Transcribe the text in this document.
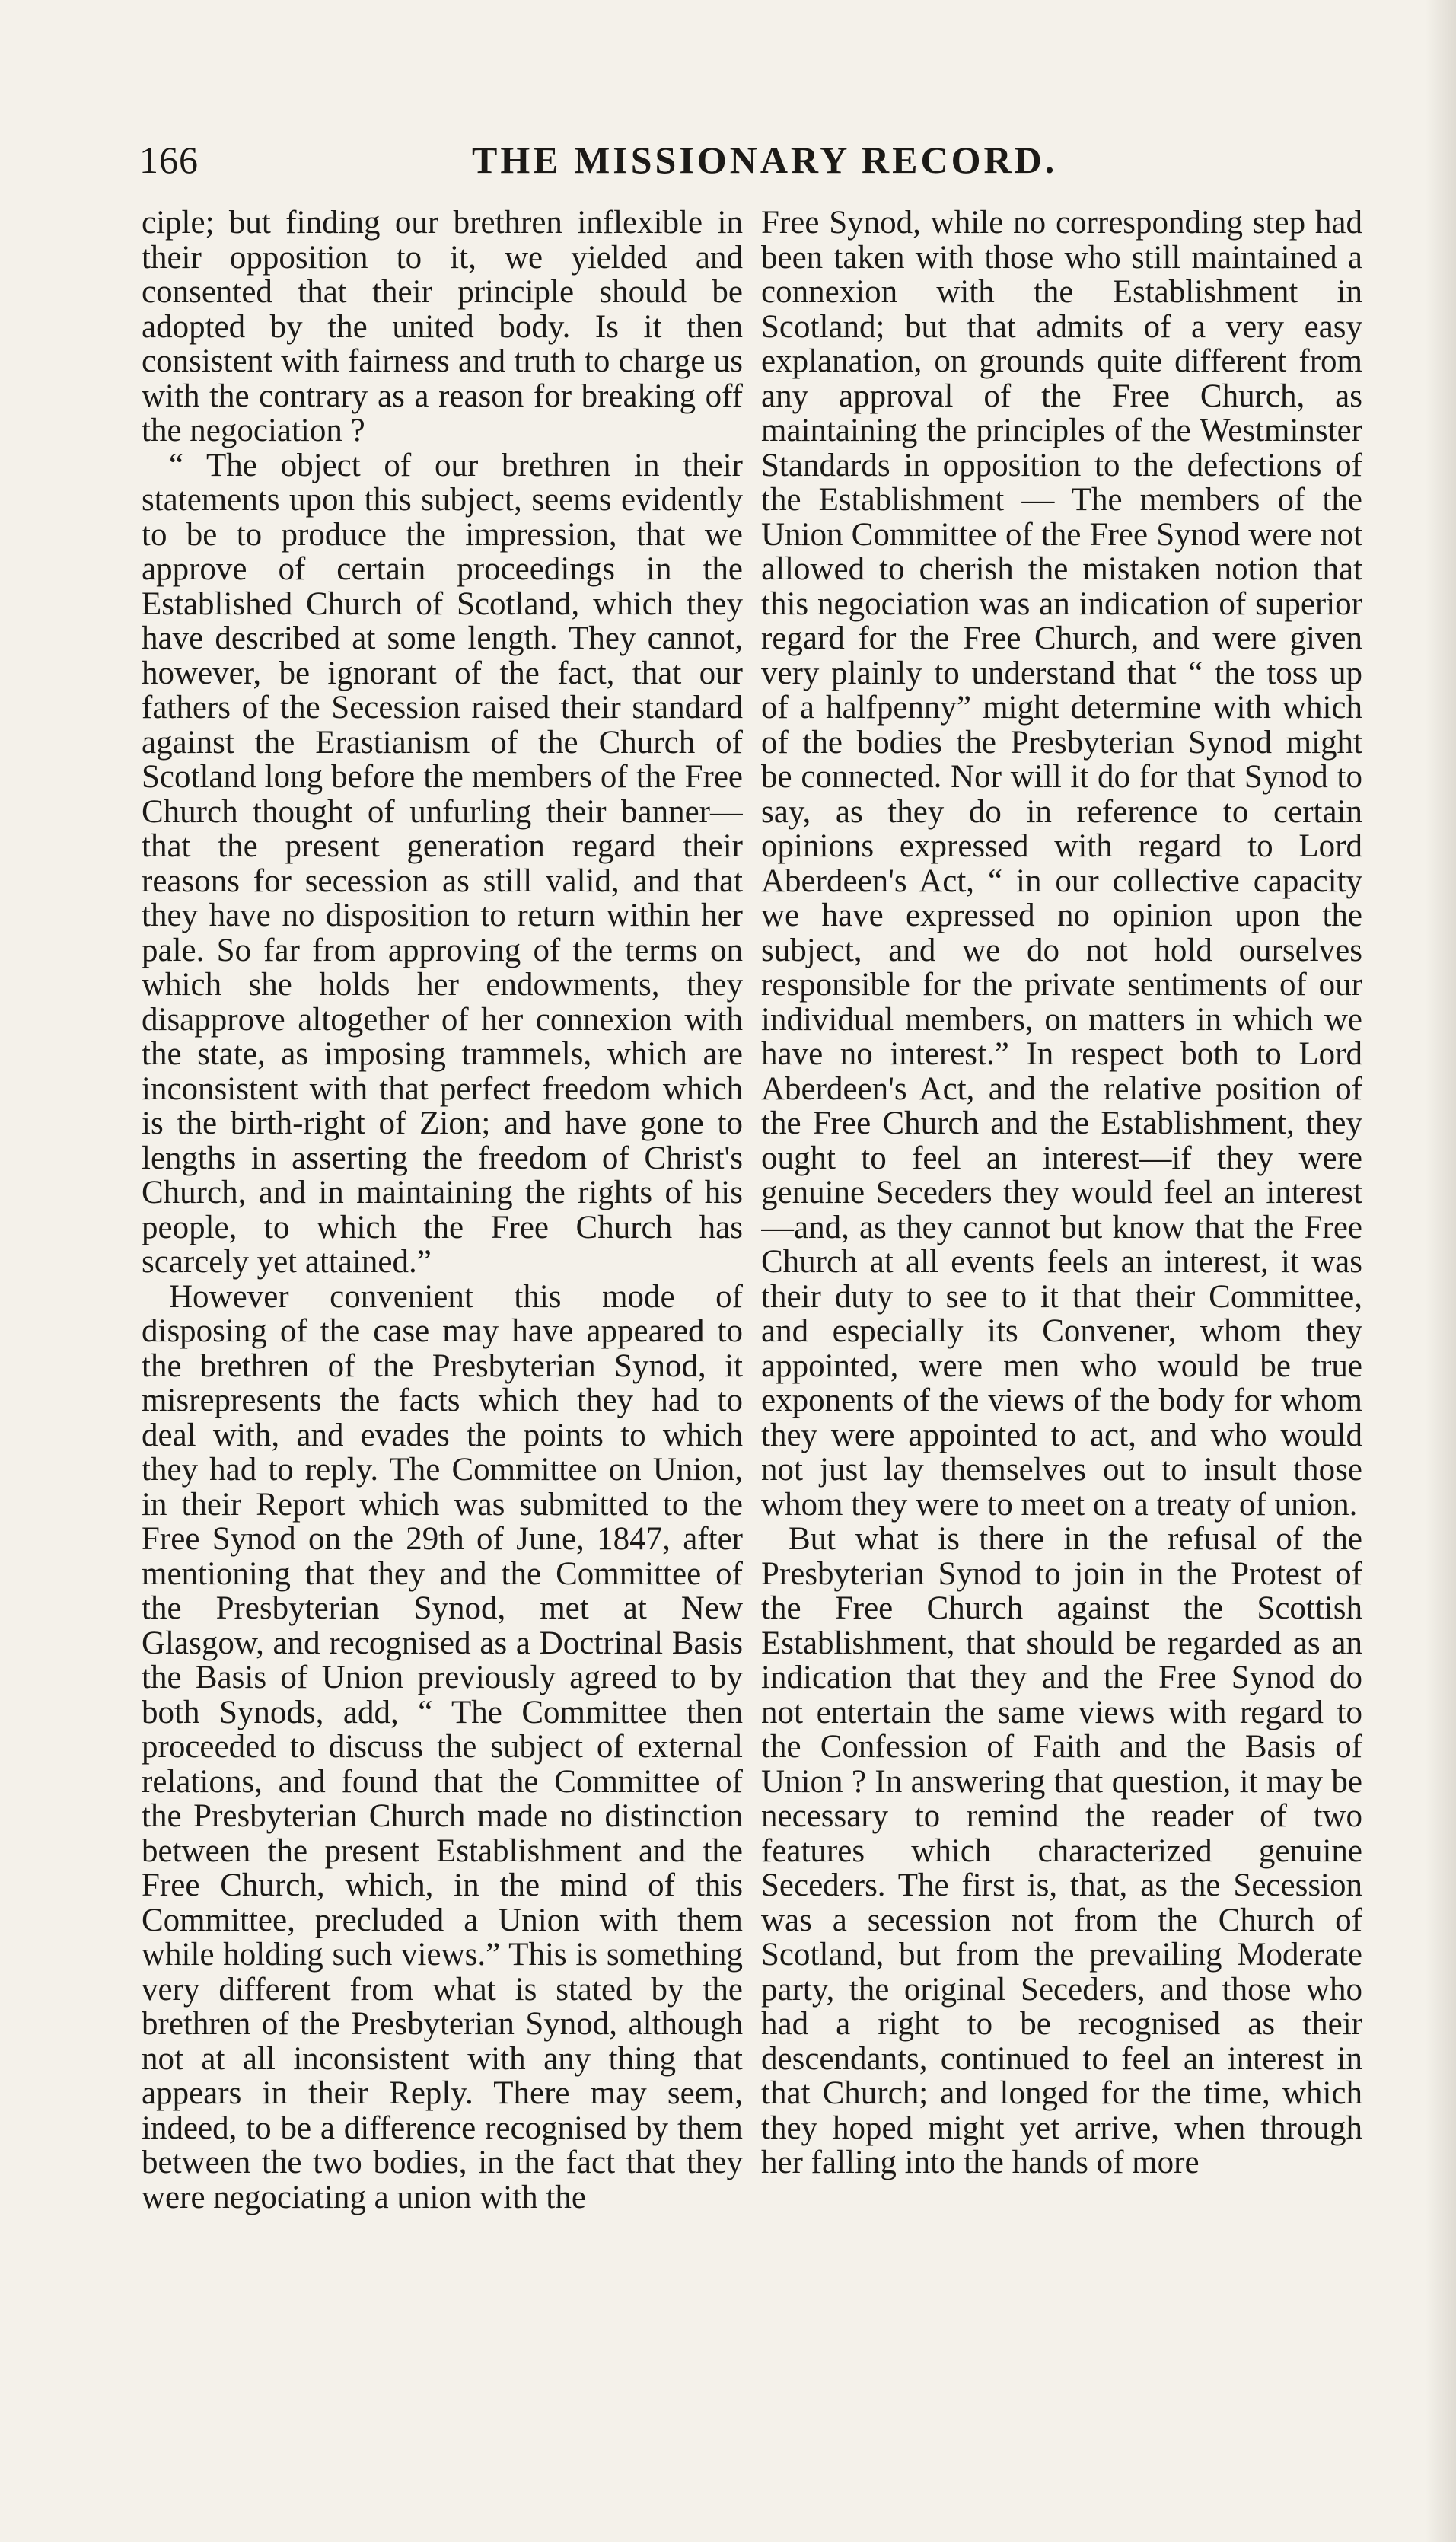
166	THE MISSIONARY RECORD.

ciple; but finding our brethren inflexible in their opposition to it, we yielded and consented that their principle should be adopted by the united body. Is it then consistent with fairness and truth to charge us with the contrary as a reason for breaking off the negociation ?

“ The object of our brethren in their statements upon this subject, seems evidently to be to produce the impression, that we approve of certain proceedings in the Established Church of Scotland, which they have described at some length. They cannot, however, be ignorant of the fact, that our fathers of the Secession raised their standard against the Erastianism of the Church of Scotland long before the members of the Free Church thought of unfurling their banner—that the present generation regard their reasons for secession as still valid, and that they have no disposition to return within her pale. So far from approving of the terms on which she holds her endowments, they disapprove altogether of her connexion with the state, as imposing trammels, which are inconsistent with that perfect freedom which is the birth-right of Zion; and have gone to lengths in asserting the freedom of Christ's Church, and in maintaining the rights of his people, to which the Free Church has scarcely yet attained.”

However convenient this mode of disposing of the case may have appeared to the brethren of the Presbyterian Synod, it misrepresents the facts which they had to deal with, and evades the points to which they had to reply. The Committee on Union, in their Report which was submitted to the Free Synod on the 29th of June, 1847, after mentioning that they and the Committee of the Presbyterian Synod, met at New Glasgow, and recognised as a Doctrinal Basis the Basis of Union previously agreed to by both Synods, add, “ The Committee then proceeded to discuss the subject of external relations, and found that the Committee of the Presbyterian Church made no distinction between the present Establishment and the Free Church, which, in the mind of this Committee, precluded a Union with them while holding such views.” This is something very different from what is stated by the brethren of the Presbyterian Synod, although not at all inconsistent with any thing that appears in their Reply. There may seem, indeed, to be a difference recognised by them between the two bodies, in the fact that they were negociating a union with the

Free Synod, while no corresponding step had been taken with those who still maintained a connexion with the Establishment in Scotland; but that admits of a very easy explanation, on grounds quite different from any approval of the Free Church, as maintaining the principles of the Westminster Standards in opposition to the defections of the Establishment — The members of the Union Committee of the Free Synod were not allowed to cherish the mistaken notion that this negociation was an indication of superior regard for the Free Church, and were given very plainly to understand that “ the toss up of a halfpenny” might determine with which of the bodies the Presbyterian Synod might be connected. Nor will it do for that Synod to say, as they do in reference to certain opinions expressed with regard to Lord Aberdeen's Act, “ in our collective capacity we have expressed no opinion upon the subject, and we do not hold ourselves responsible for the private sentiments of our individual members, on matters in which we have no interest.” In respect both to Lord Aberdeen's Act, and the relative position of the Free Church and the Establishment, they ought to feel an interest—if they were genuine Seceders they would feel an interest—and, as they cannot but know that the Free Church at all events feels an interest, it was their duty to see to it that their Committee, and especially its Convener, whom they appointed, were men who would be true exponents of the views of the body for whom they were appointed to act, and who would not just lay themselves out to insult those whom they were to meet on a treaty of union.

But what is there in the refusal of the Presbyterian Synod to join in the Protest of the Free Church against the Scottish Establishment, that should be regarded as an indication that they and the Free Synod do not entertain the same views with regard to the Confession of Faith and the Basis of Union ? In answering that question, it may be necessary to remind the reader of two features which characterized genuine Seceders. The first is, that, as the Secession was a secession not from the Church of Scotland, but from the prevailing Moderate party, the original Seceders, and those who had a right to be recognised as their descendants, continued to feel an interest in that Church; and longed for the time, which they hoped might yet arrive, when through her falling into the hands of more
